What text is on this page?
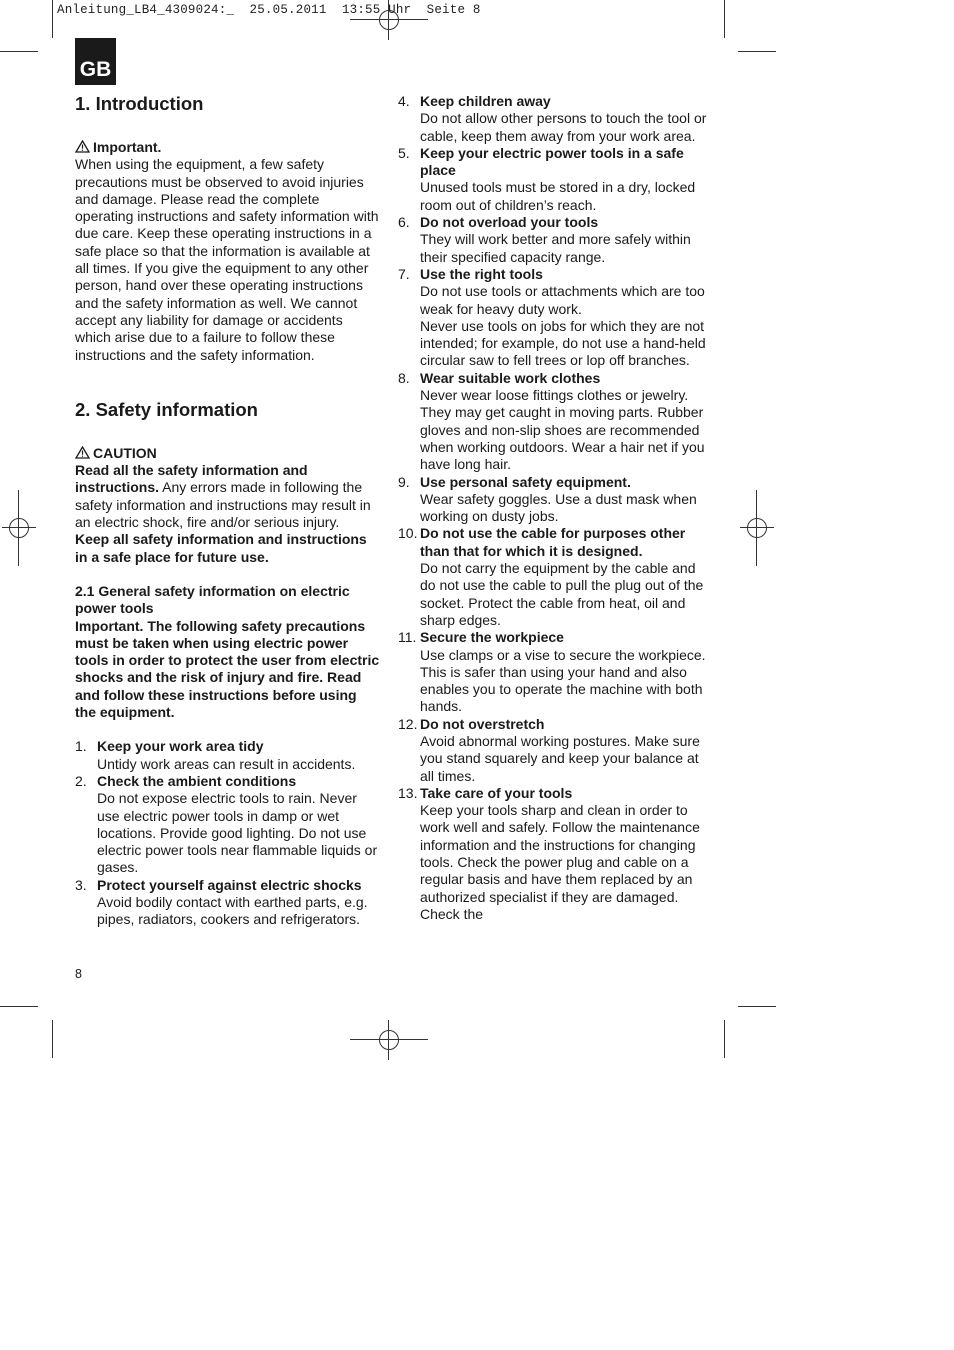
Anleitung_LB4_4309024:_  25.05.2011  13:55 Uhr  Seite 8
GB
1. Introduction

Important.

When using the equipment, a few safety precautions must be observed to avoid injuries and damage. Please read the complete operating instructions and safety information with due care. Keep these operating instructions in a safe place so that the information is available at all times. If you give the equipment to any other person, hand over these operating instructions and the safety information as well. We cannot accept any liability for damage or accidents which arise due to a failure to follow these instructions and the safety information.

2. Safety information

CAUTION

Read all the safety information and instructions. Any errors made in following the safety information and instructions may result in an electric shock, fire and/or serious injury.

Keep all safety information and instructions in a safe place for future use.

2.1 General safety information on electric power tools

Important. The following safety precautions must be taken when using electric power tools in order to protect the user from electric shocks and the risk of injury and fire. Read and follow these instructions before using the equipment.

1. Keep your work area tidy
Untidy work areas can result in accidents.
2. Check the ambient conditions
Do not expose electric tools to rain. Never use electric power tools in damp or wet locations. Provide good lighting. Do not use electric power tools near flammable liquids or gases.
3. Protect yourself against electric shocks
Avoid bodily contact with earthed parts, e.g. pipes, radiators, cookers and refrigerators.
4. Keep children away
Do not allow other persons to touch the tool or cable, keep them away from your work area.
5. Keep your electric power tools in a safe place
Unused tools must be stored in a dry, locked room out of children’s reach.
6. Do not overload your tools
They will work better and more safely within their specified capacity range.
7. Use the right tools
Do not use tools or attachments which are too weak for heavy duty work.
Never use tools on jobs for which they are not intended; for example, do not use a hand-held circular saw to fell trees or lop off branches.
8. Wear suitable work clothes
Never wear loose fittings clothes or jewelry. They may get caught in moving parts. Rubber gloves and non-slip shoes are recommended when working outdoors. Wear a hair net if you have long hair.
9. Use personal safety equipment.
Wear safety goggles. Use a dust mask when working on dusty jobs.
10. Do not use the cable for purposes other than that for which it is designed.
Do not carry the equipment by the cable and do not use the cable to pull the plug out of the socket. Protect the cable from heat, oil and sharp edges.
11. Secure the workpiece
Use clamps or a vise to secure the workpiece. This is safer than using your hand and also enables you to operate the machine with both hands.
12. Do not overstretch
Avoid abnormal working postures. Make sure you stand squarely and keep your balance at all times.
13. Take care of your tools
Keep your tools sharp and clean in order to work well and safely. Follow the maintenance information and the instructions for changing tools. Check the power plug and cable on a regular basis and have them replaced by an authorized specialist if they are damaged. Check the
8
